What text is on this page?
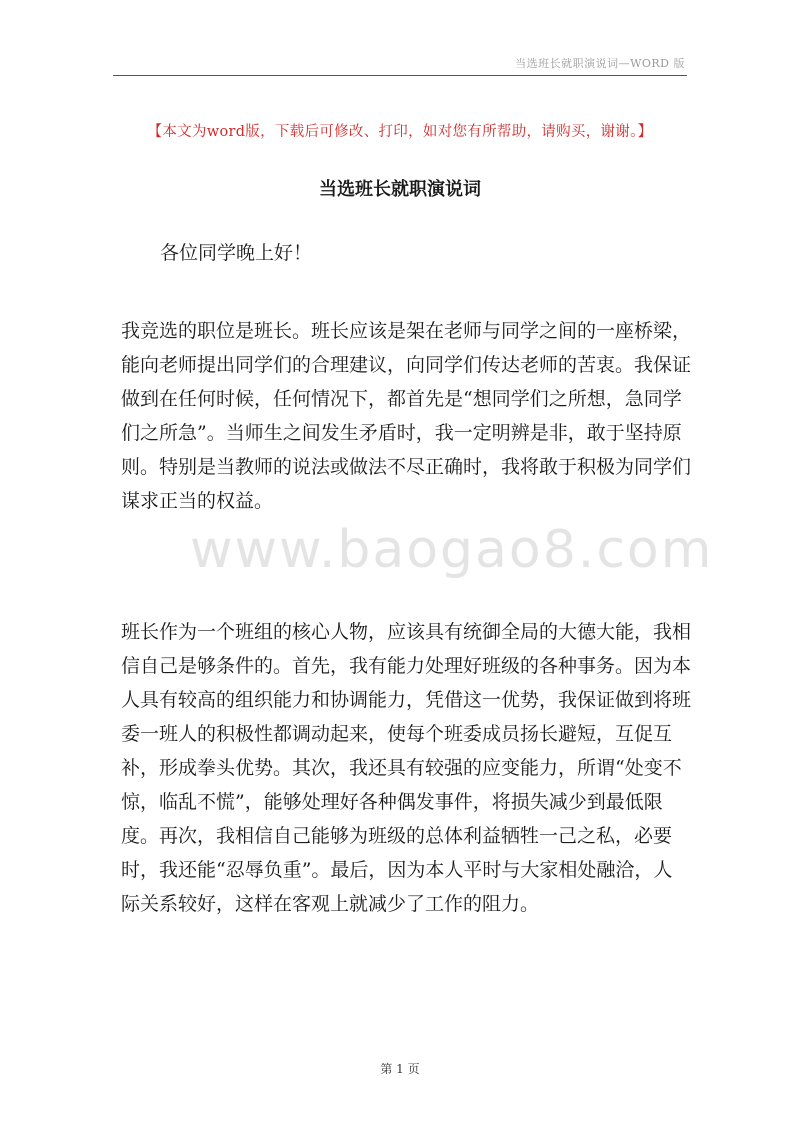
当选班长就职演说词—WORD 版
【本文为word版，下载后可修改、打印，如对您有所帮助，请购买，谢谢。】
当选班长就职演说词
各位同学晚上好！

我竞选的职位是班长。班长应该是架在老师与同学之间的一座桥梁，能向老师提出同学们的合理建议，向同学们传达老师的苦衷。我保证做到在任何时候，任何情况下，都首先是“想同学们之所想，急同学们之所急”。当师生之间发生矛盾时，我一定明辨是非，敢于坚持原则。特别是当教师的说法或做法不尽正确时，我将敢于积极为同学们谋求正当的权益。

www.baogao8.com

班长作为一个班组的核心人物，应该具有统御全局的大德大能，我相信自己是够条件的。首先，我有能力处理好班级的各种事务。因为本人具有较高的组织能力和协调能力，凭借这一优势，我保证做到将班委一班人的积极性都调动起来，使每个班委成员扬长避短，互促互补，形成拳头优势。其次，我还具有较强的应变能力，所谓“处变不惊，临乱不慌”，能够处理好各种偶发事件，将损失减少到最低限度。再次，我相信自己能够为班级的总体利益牺牲一己之私，必要时，我还能“忍辱负重”。最后，因为本人平时与大家相处融洽，人际关系较好，这样在客观上就减少了工作的阻力。

第 1 页
